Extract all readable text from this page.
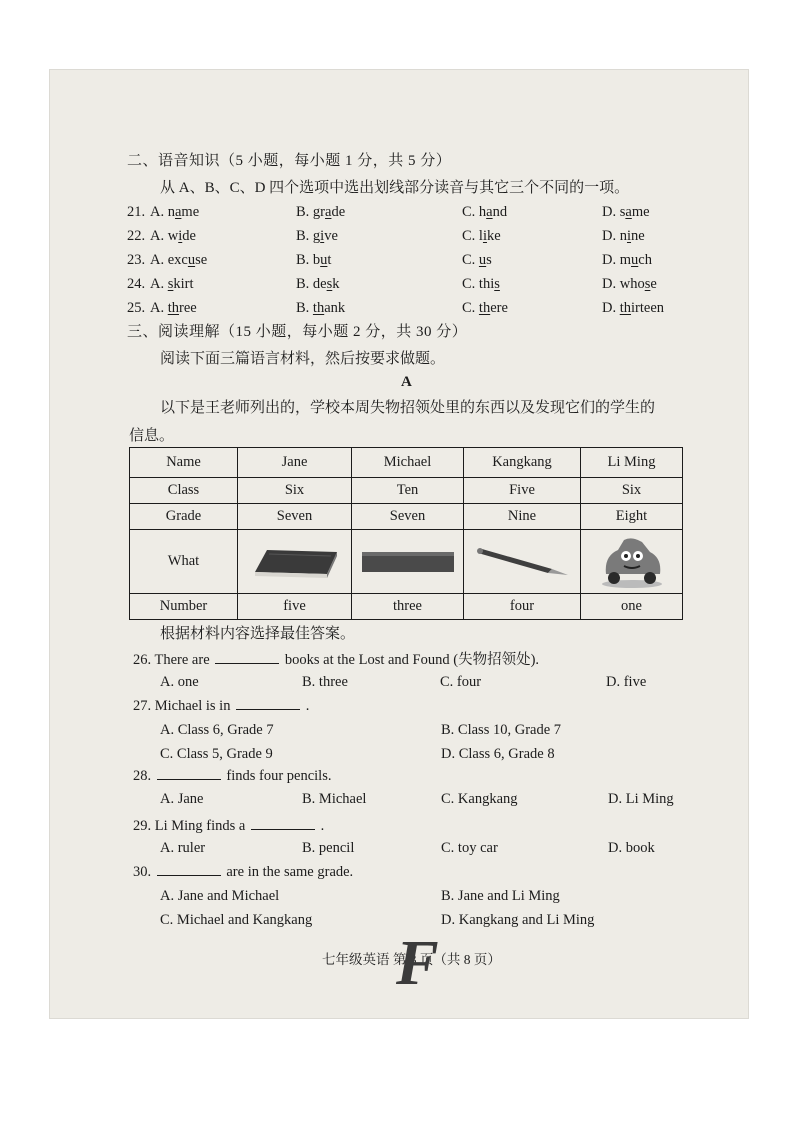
二、语音知识（5 小题，每小题 1 分，共 5 分）
从 A、B、C、D 四个选项中选出划线部分读音与其它三个不同的一项。
21. A. name	B. grade	C. hand	D. same
22. A. wide	B. give	C. like	D. nine
23. A. excuse	B. but	C. us	D. much
24. A. skirt	B. desk	C. this	D. whose
25. A. three	B. thank	C. there	D. thirteen
三、阅读理解（15 小题，每小题 2 分，共 30 分）
阅读下面三篇语言材料，然后按要求做题。
A
以下是王老师列出的，学校本周失物招领处里的东西以及发现它们的学生的
信息。
Name	Jane	Michael	Kangkang	Li Ming
Class	Six	Ten	Five	Six
Grade	Seven	Seven	Nine	Eight
What	

Number	five	three	four	one
根据材料内容选择最佳答案。
26. There are	books at the Lost and Found (失物招领处).
A. one	B. three	C. four	D. five
27. Michael is in	.
A. Class 6, Grade 7	B. Class 10, Grade 7
C. Class 5, Grade 9	D. Class 6, Grade 8
28.	finds four pencils.
A. Jane	B. Michael	C. Kangkang	D. Li Ming
29. Li Ming finds a	.
A. ruler	B. pencil	C. toy car	D. book
30.	are in the same grade.
A. Jane and Michael	B. Jane and Li Ming
C. Michael and Kangkang	D. Kangkang and Li Ming
七年级英语 第 3 页（共 8 页）
F
